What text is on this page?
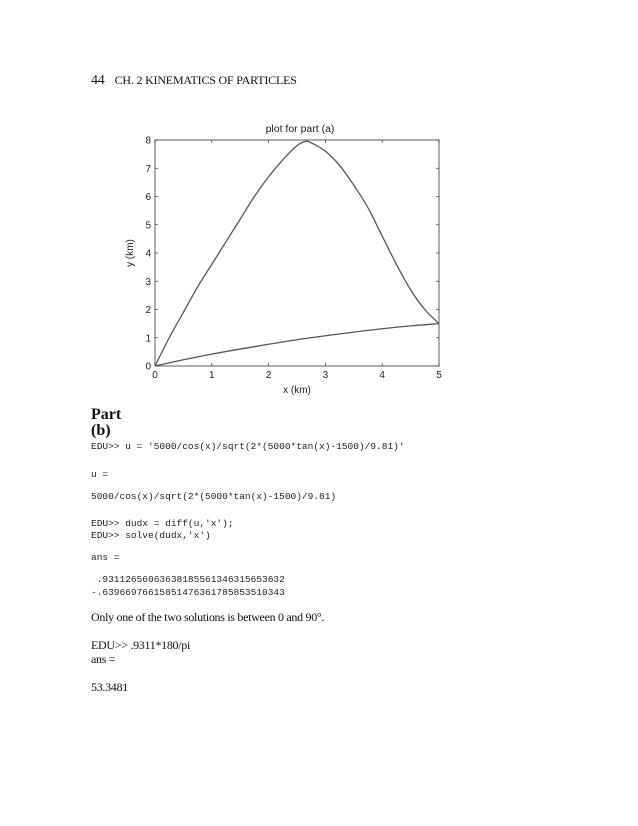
44 CH. 2 KINEMATICS OF PARTICLES
plot for part (a)
0	1	2	3	4	5
0
1
2
3
4
5
6
7
8
x (km)
y (km)
Part (b)
EDU>> u = '5000/cos(x)/sqrt(2*(5000*tan(x)-1500)/9.81)'
u =
5000/cos(x)/sqrt(2*(5000*tan(x)-1500)/9.81)
EDU>> dudx = diff(u,'x');
EDU>> solve(dudx,'x')
ans =
.93112656063638185561346315653632
-.63966976615851476361785853510343
Only one of the two solutions is between 0 and 90°.
EDU>> .9311*180/pi
ans =
53.3481
